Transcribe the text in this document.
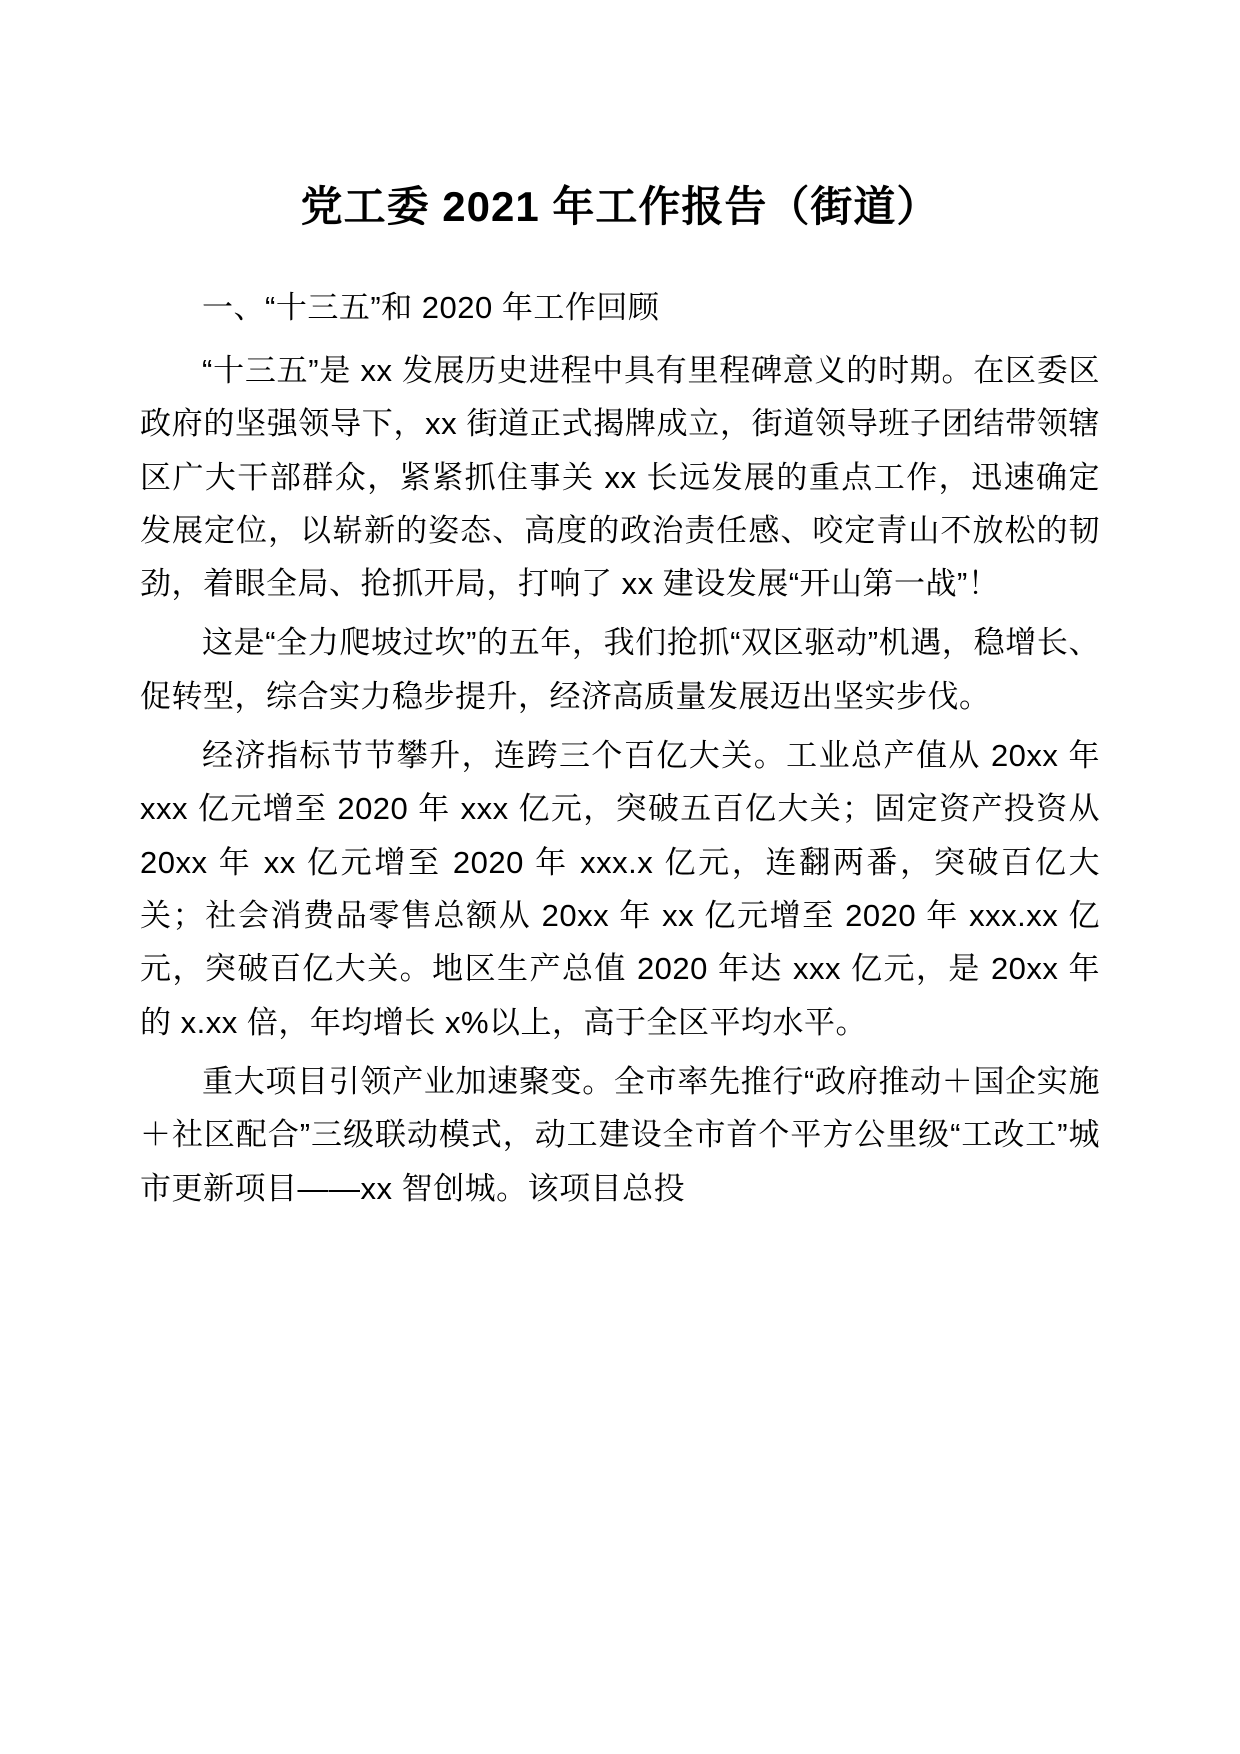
党工委 2021 年工作报告（街道）

一、“十三五”和 2020 年工作回顾

“十三五”是 xx 发展历史进程中具有里程碑意义的时期。在区委区政府的坚强领导下，xx 街道正式揭牌成立，街道领导班子团结带领辖区广大干部群众，紧紧抓住事关 xx 长远发展的重点工作，迅速确定发展定位，以崭新的姿态、高度的政治责任感、咬定青山不放松的韧劲，着眼全局、抢抓开局，打响了 xx 建设发展“开山第一战”！

这是“全力爬坡过坎”的五年，我们抢抓“双区驱动”机遇，稳增长、促转型，综合实力稳步提升，经济高质量发展迈出坚实步伐。

经济指标节节攀升，连跨三个百亿大关。工业总产值从 20xx 年 xxx 亿元增至 2020 年 xxx 亿元，突破五百亿大关；固定资产投资从 20xx 年 xx 亿元增至 2020 年 xxx.x 亿元，连翻两番，突破百亿大关；社会消费品零售总额从 20xx 年 xx 亿元增至 2020 年 xxx.xx 亿元，突破百亿大关。地区生产总值 2020 年达 xxx 亿元，是 20xx 年的 x.xx 倍，年均增长 x%以上，高于全区平均水平。

重大项目引领产业加速聚变。全市率先推行“政府推动＋国企实施＋社区配合”三级联动模式，动工建设全市首个平方公里级“工改工”城市更新项目——xx 智创城。该项目总投
